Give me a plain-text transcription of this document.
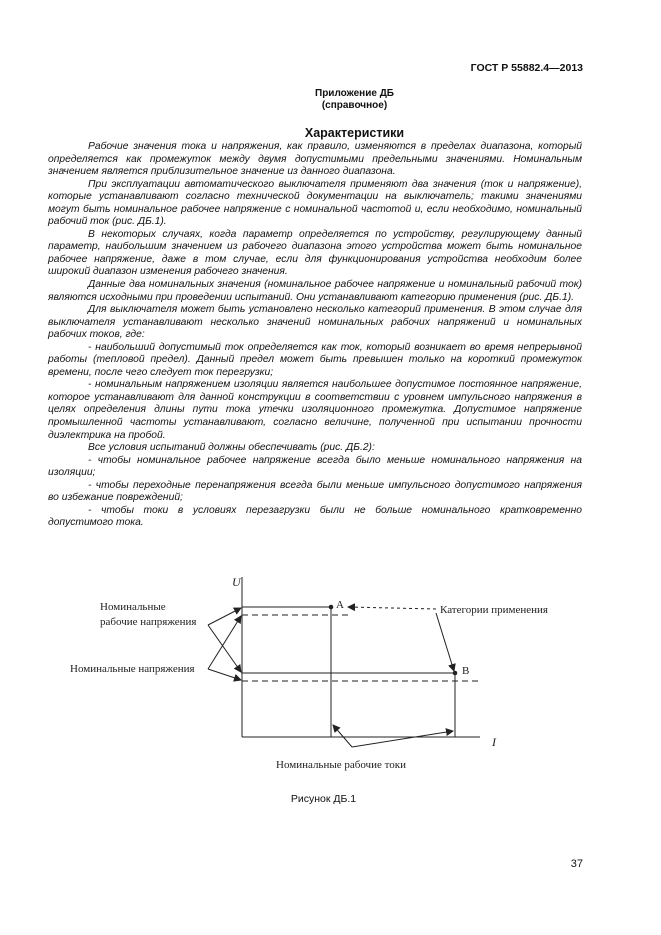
ГОСТ Р 55882.4—2013
Приложение ДБ
(справочное)
Характеристики

Рабочие значения тока и напряжения, как правило, изменяются в пределах диапазона, который определяется как промежуток между двумя допустимыми предельными значениями. Номинальным значением является приблизительное значение из данного диапазона.

При эксплуатации автоматического выключателя применяют два значения (ток и напряжение), которые устанавливают согласно технической документации на выключатель; такими значениями могут быть номинальное рабочее напряжение с номинальной частотой и, если необходимо, номинальный рабочий ток (рис. ДБ.1).

В некоторых случаях, когда параметр определяется по устройству, регулирующему данный параметр, наибольшим значением из рабочего диапазона этого устройства может быть номинальное рабочее напряжение, даже в том случае, если для функционирования устройства необходим более широкий диапазон изменения рабочего значения.

Данные два номинальных значения (номинальное рабочее напряжение и номинальный рабочий ток) являются исходными при проведении испытаний. Они устанавливают категорию применения (рис. ДБ.1).

Для выключателя может быть установлено несколько категорий применения. В этом случае для выключателя устанавливают несколько значений номинальных рабочих напряжений и номинальных рабочих токов, где:

- наибольший допустимый ток определяется как ток, который возникает во время непрерывной работы (тепловой предел). Данный предел может быть превышен только на короткий промежуток времени, после чего следует ток перегрузки;

- номинальным напряжением изоляции является наибольшее допустимое постоянное напряжение, которое устанавливают для данной конструкции в соответствии с уровнем импульсного напряжения в целях определения длины пути тока утечки изоляционного промежутка. Допустимое напряжение промышленной частоты устанавливают, согласно величине, полученной при испытании прочности диэлектрика на пробой.

Все условия испытаний должны обеспечивать (рис. ДБ.2):

- чтобы номинальное рабочее напряжение всегда было меньше номинального напряжения на изоляции;

- чтобы переходные перенапряжения всегда были меньше импульсного допустимого напряжения во избежание повреждений;

- чтобы токи в условиях перезагрузки были не больше номинального кратковременно допустимого тока.

U
I
A
B
Номинальные
рабочие напряжения
Номинальные напряжения
Категории применения
Номинальные рабочие токи
Рисунок ДБ.1
37
